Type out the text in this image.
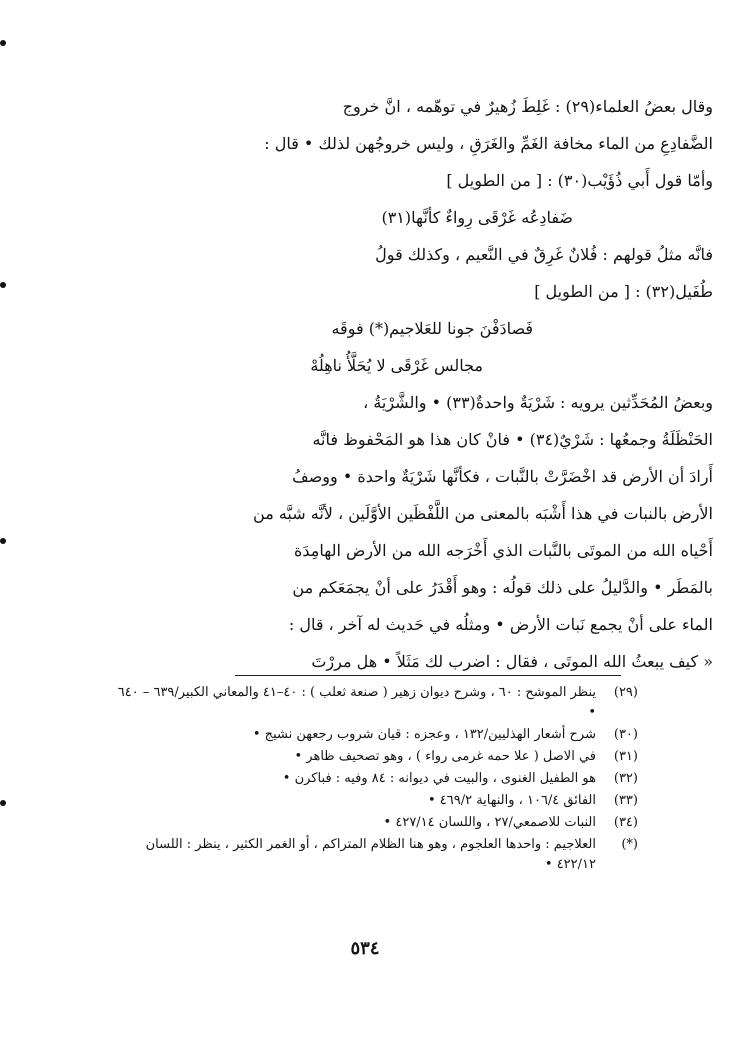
وقال بعضُ العلماء(٢٩) : غَلِطَ زُهيرٌ في توهّمه ، انَّ خروج
الضَّفادِعِ من الماء مخافة الغَمِّ والغَرَقِ ، وليس خروجُهن لذلك • قال :
وأمّا قول أَبي ذُؤَيْب(٣٠) : [ من الطويل ]
ضَفادِعُه غَرْقَى رِواءٌ كأنَّها(٣١)
فانَّه مثلُ قولهم : فُلانٌ غَرِقٌ في النَّعيم ، وكذلك قولُ
طُفَيل(٣٢) : [ من الطويل ]
فَصادَفْنَ جونا للعَلاجيم(*) فوقَه
مجالس غَرْقَى لا يُحَلَّأُ ناهِلُهْ
وبعضُ المُحَدِّثين يرويه : شَرْيَةٌ واحدةٌ(٣٣) • والشَّرْيَةُ ،
الحَنْظَلَةُ وجمعُها : شَرْيٌ(٣٤) • فانْ كان هذا هو المَحْفوظ فانَّه
أَرادَ أن الأرض قد اخْضَرَّتْ بالنَّبات ، فكأنَّها شَرْيَةٌ واحدة • ووصفُ
الأرض بالنبات في هذا أَشْبَه بالمعنى من اللَّفْظَين الأوَّلَين ، لأنَّه شبَّه من
أَحْياه الله من الموتَى بالنَّبات الذي أَخْرَجه الله من الأرض الهامِدَة
بالمَطَر • والدَّليلُ على ذلك قولُه : وهو أَقْدَرُ على أنْ يجمَعَكم من
الماء على أنْ يجمع نَبات الأرض • ومثلُه في حَديث له آخر ، قال :
« كيف يبعثُ الله الموتَى ، فقال : اضرب لك مَثَلاً • هل مررْتَ
(٢٩)
ينظر الموشح : ٦٠ ، وشرح ديوان زهير ( صنعة ثعلب ) : ٤٠–٤١ والمعاني الكبير/٦٣٩ – ٦٤٠ •
(٣٠)
شرح أشعار الهذليين/١٣٢ ، وعجزه : قيان شروب رجعهن نشيج •
(٣١)
في الاصل ( علا حمه غرمى رواء ) ، وهو تصحيف ظاهر •
(٣٢)
هو الطفيل الغنوى ، والبيت في ديوانه : ٨٤ وفيه : فباكرن •
(٣٣)
الفائق ١٠٦/٤ ، والنهاية ٤٦٩/٢ •
(٣٤)
النبات للاصمعي/٢٧ ، واللسان ٤٢٧/١٤ •
(*)
العلاجيم : واحدها العلجوم ، وهو هنا الظلام المتراكم ، أو الغمر الكثير ، ينظر : اللسان ٤٢٢/١٢ •
٥٣٤
